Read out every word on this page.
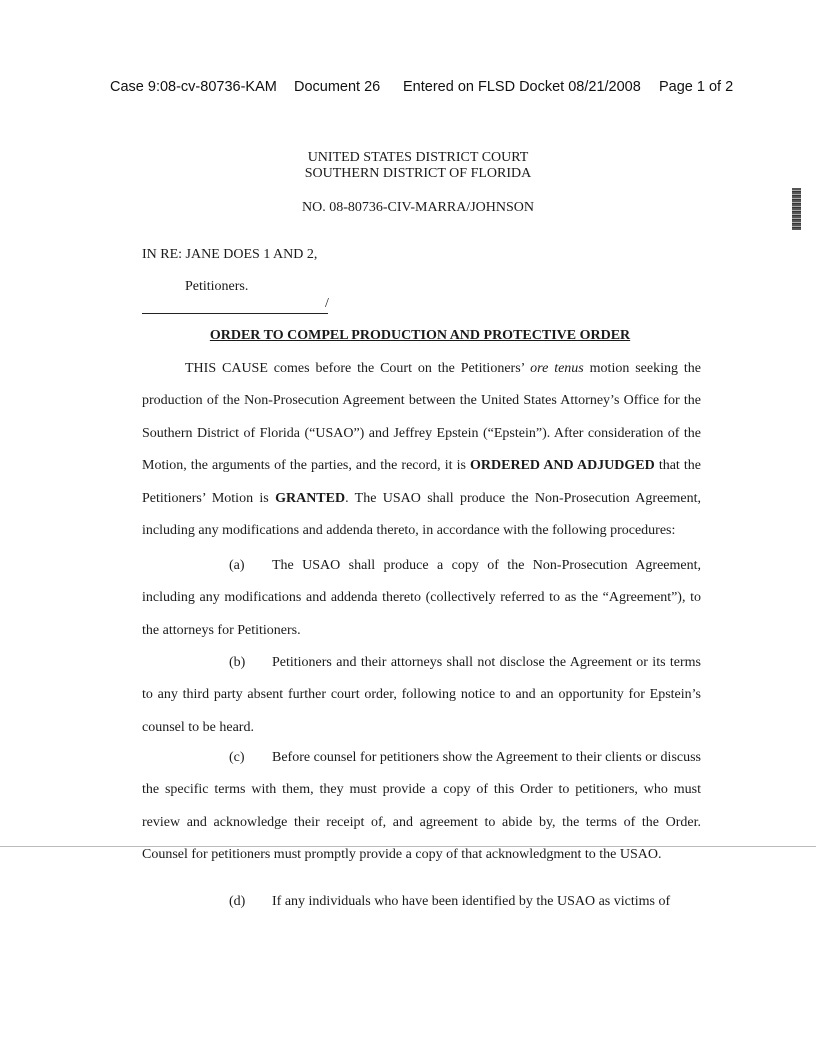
Case 9:08-cv-80736-KAM Document 26 Entered on FLSD Docket 08/21/2008 Page 1 of 2
UNITED STATES DISTRICT COURT
SOUTHERN DISTRICT OF FLORIDA
NO. 08-80736-CIV-MARRA/JOHNSON
IN RE: JANE DOES 1 AND 2,
Petitioners.
/
ORDER TO COMPEL PRODUCTION AND PROTECTIVE ORDER

THIS CAUSE comes before the Court on the Petitioners’ ore tenus motion seeking the production of the Non-Prosecution Agreement between the United States Attorney’s Office for the Southern District of Florida (“USAO”) and Jeffrey Epstein (“Epstein”). After consideration of the Motion, the arguments of the parties, and the record, it is ORDERED AND ADJUDGED that the Petitioners’ Motion is GRANTED. The USAO shall produce the Non-Prosecution Agreement, including any modifications and addenda thereto, in accordance with the following procedures:

(a) The USAO shall produce a copy of the Non-Prosecution Agreement, including any modifications and addenda thereto (collectively referred to as the “Agreement”), to the attorneys for Petitioners.

(b) Petitioners and their attorneys shall not disclose the Agreement or its terms to any third party absent further court order, following notice to and an opportunity for Epstein’s counsel to be heard.

(c) Before counsel for petitioners show the Agreement to their clients or discuss the specific terms with them, they must provide a copy of this Order to petitioners, who must review and acknowledge their receipt of, and agreement to abide by, the terms of the Order. Counsel for petitioners must promptly provide a copy of that acknowledgment to the USAO.

(d) If any individuals who have been identified by the USAO as victims of
